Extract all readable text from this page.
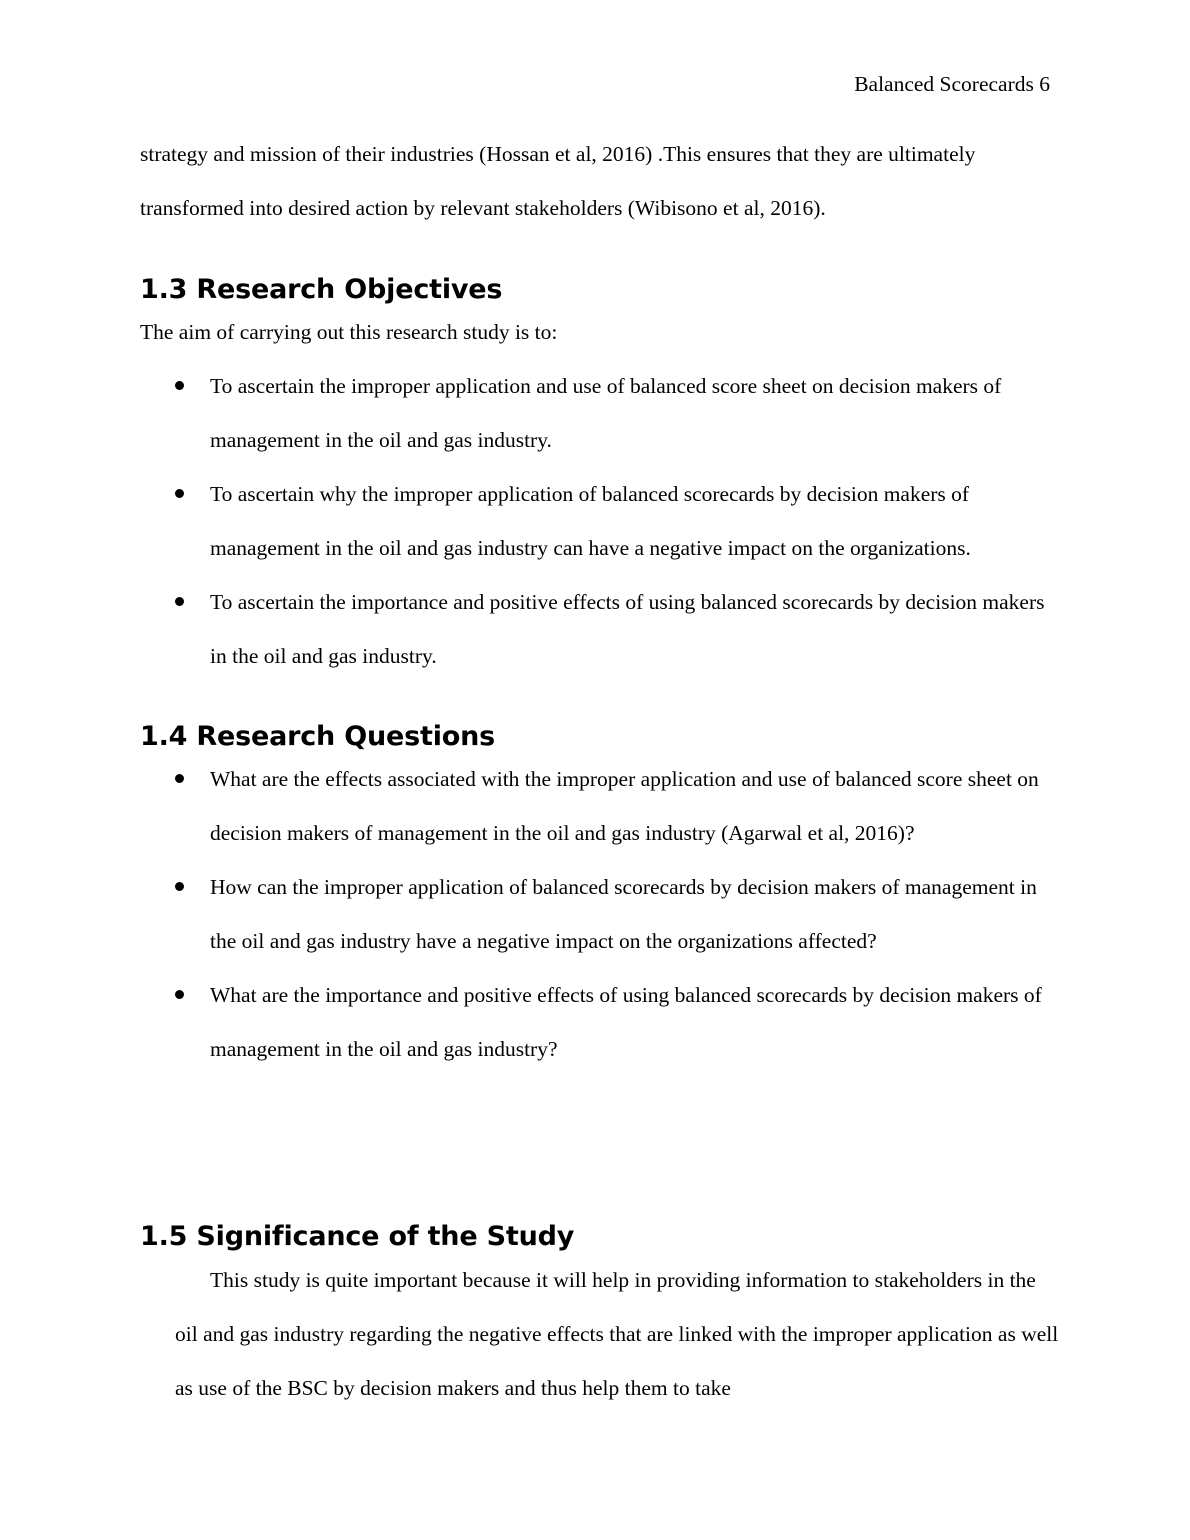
Balanced Scorecards 6
strategy and mission of their industries (Hossan et al, 2016) .This ensures that they are ultimately transformed into desired action by relevant stakeholders (Wibisono et al, 2016).
1.3 Research Objectives
The aim of carrying out this research study is to:
To ascertain the improper application and use of balanced score sheet on decision makers of management in the oil and gas industry.
To ascertain why the improper application of balanced scorecards by decision makers of management in the oil and gas industry can have a negative impact on the organizations.
To ascertain the importance and positive effects of using balanced scorecards by decision makers in the oil and gas industry.
1.4 Research Questions
What are the effects associated with the improper application and use of balanced score sheet on decision makers of management in the oil and gas industry (Agarwal et al, 2016)?
How can the improper application of balanced scorecards by decision makers of management in the oil and gas industry have a negative impact on the organizations affected?
What are the importance and positive effects of using balanced scorecards by decision makers of management in the oil and gas industry?
1.5 Significance of the Study
This study is quite important because it will help in providing information to stakeholders in the oil and gas industry regarding the negative effects that are linked with the improper application as well as use of the BSC by decision makers and thus help them to take
